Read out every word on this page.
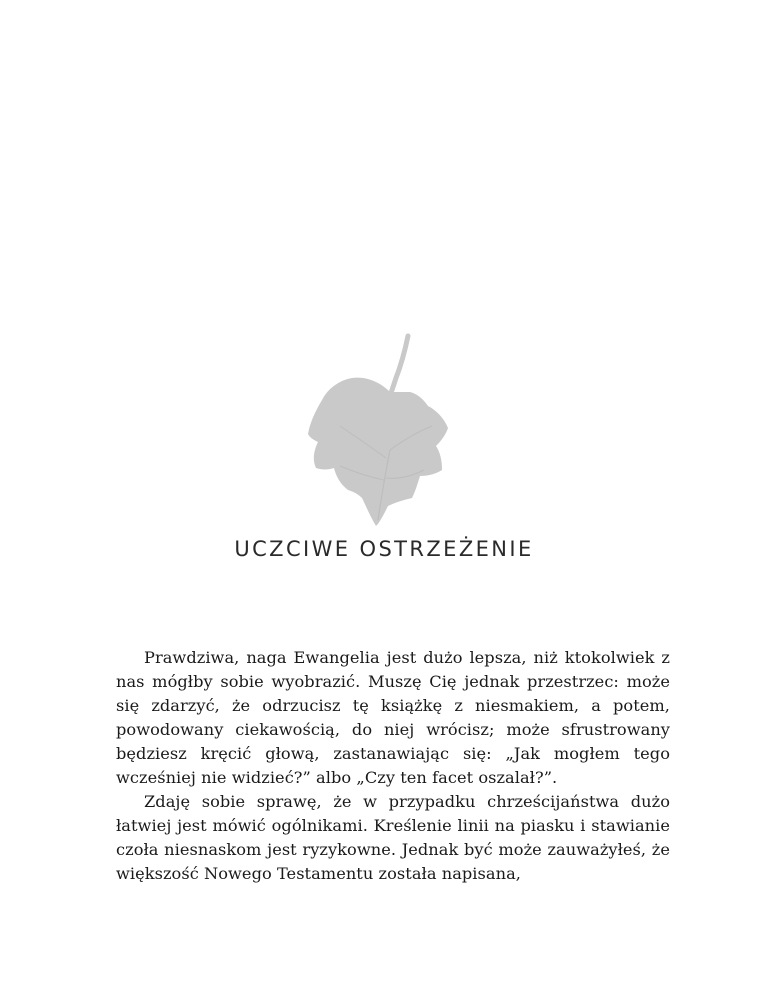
UCZCIWE OSTRZEŻENIE

Prawdziwa, naga Ewangelia jest dużo lepsza, niż ktokolwiek z nas mógłby sobie wyobrazić. Muszę Cię jednak przestrzec: może się zdarzyć, że odrzucisz tę książkę z niesmakiem, a potem, powodowany ciekawością, do niej wrócisz; może sfrustrowany będziesz kręcić głową, zastanawiając się: „Jak mogłem tego wcześniej nie widzieć?” albo „Czy ten facet oszalał?”.

Zdaję sobie sprawę, że w przypadku chrześcijaństwa dużo łatwiej jest mówić ogólnikami. Kreślenie linii na piasku i stawianie czoła niesnaskom jest ryzykowne. Jednak być może zauważyłeś, że większość Nowego Testamentu została napisana,
